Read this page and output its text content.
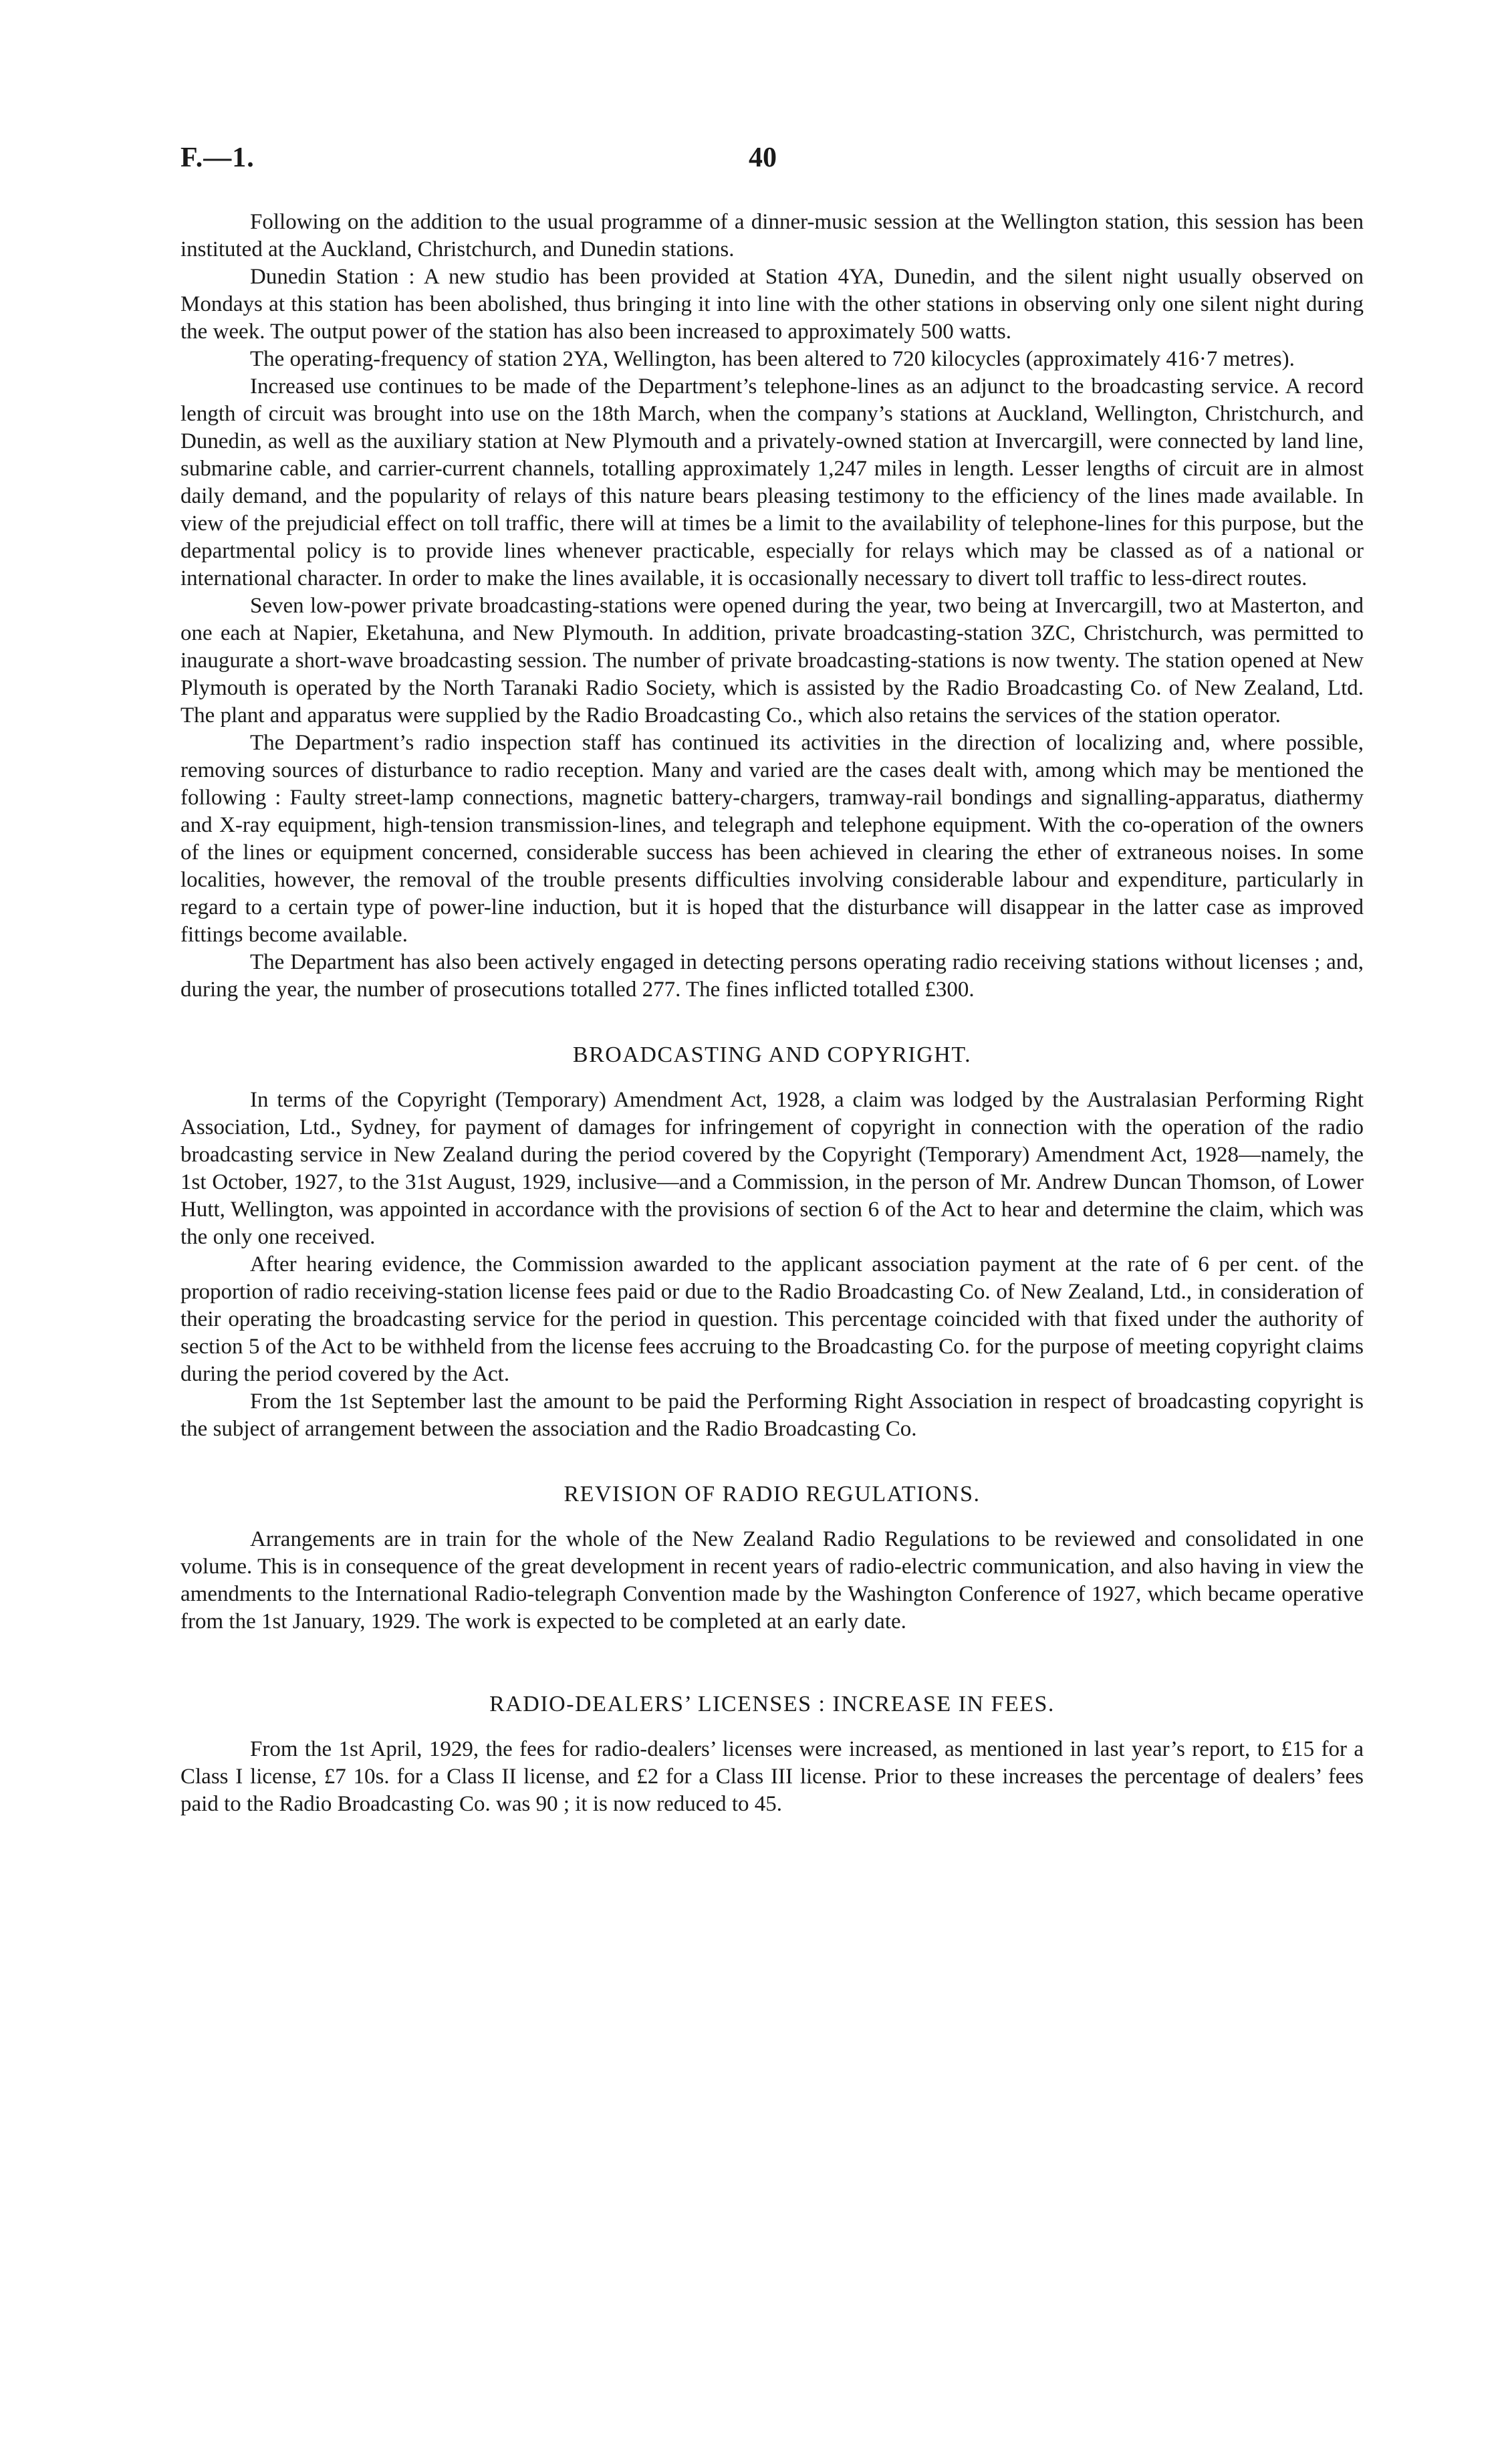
F.—1.	40

Following on the addition to the usual programme of a dinner-music session at the Wellington station, this session has been instituted at the Auckland, Christchurch, and Dunedin stations.

Dunedin Station : A new studio has been provided at Station 4YA, Dunedin, and the silent night usually observed on Mondays at this station has been abolished, thus bringing it into line with the other stations in observing only one silent night during the week. The output power of the station has also been increased to approximately 500 watts.

The operating-frequency of station 2YA, Wellington, has been altered to 720 kilocycles (approximately 416·7 metres).

Increased use continues to be made of the Department’s telephone-lines as an adjunct to the broadcasting service. A record length of circuit was brought into use on the 18th March, when the company’s stations at Auckland, Wellington, Christchurch, and Dunedin, as well as the auxiliary station at New Plymouth and a privately-owned station at Invercargill, were connected by land line, submarine cable, and carrier-current channels, totalling approximately 1,247 miles in length. Lesser lengths of circuit are in almost daily demand, and the popularity of relays of this nature bears pleasing testimony to the efficiency of the lines made available. In view of the prejudicial effect on toll traffic, there will at times be a limit to the availability of telephone-lines for this purpose, but the departmental policy is to provide lines whenever practicable, especially for relays which may be classed as of a national or international character. In order to make the lines available, it is occasionally necessary to divert toll traffic to less-direct routes.

Seven low-power private broadcasting-stations were opened during the year, two being at Invercargill, two at Masterton, and one each at Napier, Eketahuna, and New Plymouth. In addition, private broadcasting-station 3ZC, Christchurch, was permitted to inaugurate a short-wave broadcasting session. The number of private broadcasting-stations is now twenty. The station opened at New Plymouth is operated by the North Taranaki Radio Society, which is assisted by the Radio Broadcasting Co. of New Zealand, Ltd. The plant and apparatus were supplied by the Radio Broadcasting Co., which also retains the services of the station operator.

The Department’s radio inspection staff has continued its activities in the direction of localizing and, where possible, removing sources of disturbance to radio reception. Many and varied are the cases dealt with, among which may be mentioned the following : Faulty street-lamp connections, magnetic battery-chargers, tramway-rail bondings and signalling-apparatus, diathermy and X-ray equipment, high-tension transmission-lines, and telegraph and telephone equipment. With the co-operation of the owners of the lines or equipment concerned, considerable success has been achieved in clearing the ether of extraneous noises. In some localities, however, the removal of the trouble presents difficulties involving considerable labour and expenditure, particularly in regard to a certain type of power-line induction, but it is hoped that the disturbance will disappear in the latter case as improved fittings become available.

The Department has also been actively engaged in detecting persons operating radio receiving stations without licenses ; and, during the year, the number of prosecutions totalled 277. The fines inflicted totalled £300.

BROADCASTING AND COPYRIGHT.

In terms of the Copyright (Temporary) Amendment Act, 1928, a claim was lodged by the Australasian Performing Right Association, Ltd., Sydney, for payment of damages for infringement of copyright in connection with the operation of the radio broadcasting service in New Zealand during the period covered by the Copyright (Temporary) Amendment Act, 1928—namely, the 1st October, 1927, to the 31st August, 1929, inclusive—and a Commission, in the person of Mr. Andrew Duncan Thomson, of Lower Hutt, Wellington, was appointed in accordance with the provisions of section 6 of the Act to hear and determine the claim, which was the only one received.

After hearing evidence, the Commission awarded to the applicant association payment at the rate of 6 per cent. of the proportion of radio receiving-station license fees paid or due to the Radio Broadcasting Co. of New Zealand, Ltd., in consideration of their operating the broadcasting service for the period in question. This percentage coincided with that fixed under the authority of section 5 of the Act to be withheld from the license fees accruing to the Broadcasting Co. for the purpose of meeting copyright claims during the period covered by the Act.

From the 1st September last the amount to be paid the Performing Right Association in respect of broadcasting copyright is the subject of arrangement between the association and the Radio Broadcasting Co.

REVISION OF RADIO REGULATIONS.

Arrangements are in train for the whole of the New Zealand Radio Regulations to be reviewed and consolidated in one volume. This is in consequence of the great development in recent years of radio-electric communication, and also having in view the amendments to the International Radio-telegraph Convention made by the Washington Conference of 1927, which became operative from the 1st January, 1929. The work is expected to be completed at an early date.

RADIO-DEALERS’ LICENSES : INCREASE IN FEES.

From the 1st April, 1929, the fees for radio-dealers’ licenses were increased, as mentioned in last year’s report, to £15 for a Class I license, £7 10s. for a Class II license, and £2 for a Class III license. Prior to these increases the percentage of dealers’ fees paid to the Radio Broadcasting Co. was 90 ; it is now reduced to 45.
